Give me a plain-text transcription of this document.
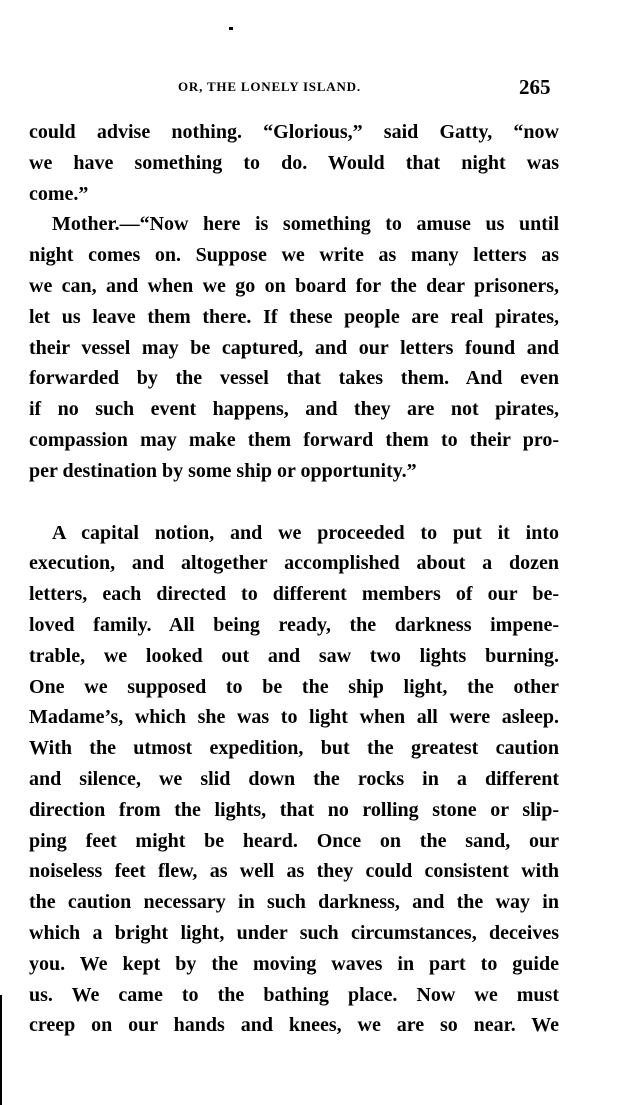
OR, THE LONELY ISLAND.	265
could advise nothing. “Glorious,” said Gatty, “now
we have something to do. Would that night was
come.”
Mother.—“Now here is something to amuse us until
night comes on. Suppose we write as many letters as
we can, and when we go on board for the dear prisoners,
let us leave them there. If these people are real pirates,
their vessel may be captured, and our letters found and
forwarded by the vessel that takes them. And even
if no such event happens, and they are not pirates,
compassion may make them forward them to their pro-
per destination by some ship or opportunity.”
A capital notion, and we proceeded to put it into
execution, and altogether accomplished about a dozen
letters, each directed to different members of our be-
loved family. All being ready, the darkness impene-
trable, we looked out and saw two lights burning.
One we supposed to be the ship light, the other
Madame’s, which she was to light when all were asleep.
With the utmost expedition, but the greatest caution
and silence, we slid down the rocks in a different
direction from the lights, that no rolling stone or slip-
ping feet might be heard. Once on the sand, our
noiseless feet flew, as well as they could consistent with
the caution necessary in such darkness, and the way in
which a bright light, under such circumstances, deceives
you. We kept by the moving waves in part to guide
us. We came to the bathing place. Now we must
creep on our hands and knees, we are so near. We
